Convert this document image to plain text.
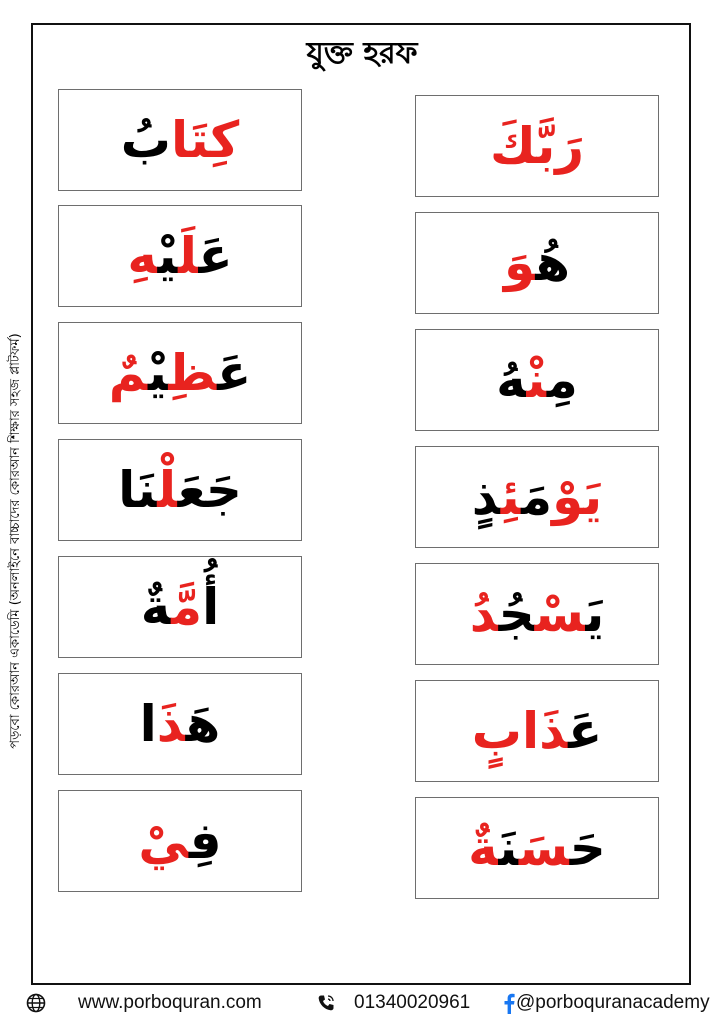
যুক্ত হরফ
পড়বো কোরআন একাডেমি (অনলাইনে বাচ্চাদের কোরআন শিক্ষার সহজ প্লাটফর্ম)
كِتَابُ
عَلَيْهِ
عَظِيْمٌ
جَعَلْنَا
أُمَّةٌ
هَذَا
فِيْ
رَبَّكَ
هُوَ
مِنْهُ
يَوْمَئِذٍ
يَسْجُدُ
عَذَابٍ
حَسَنَةٌ
www.porboquran.com	01340020961 @porboquranacademy
